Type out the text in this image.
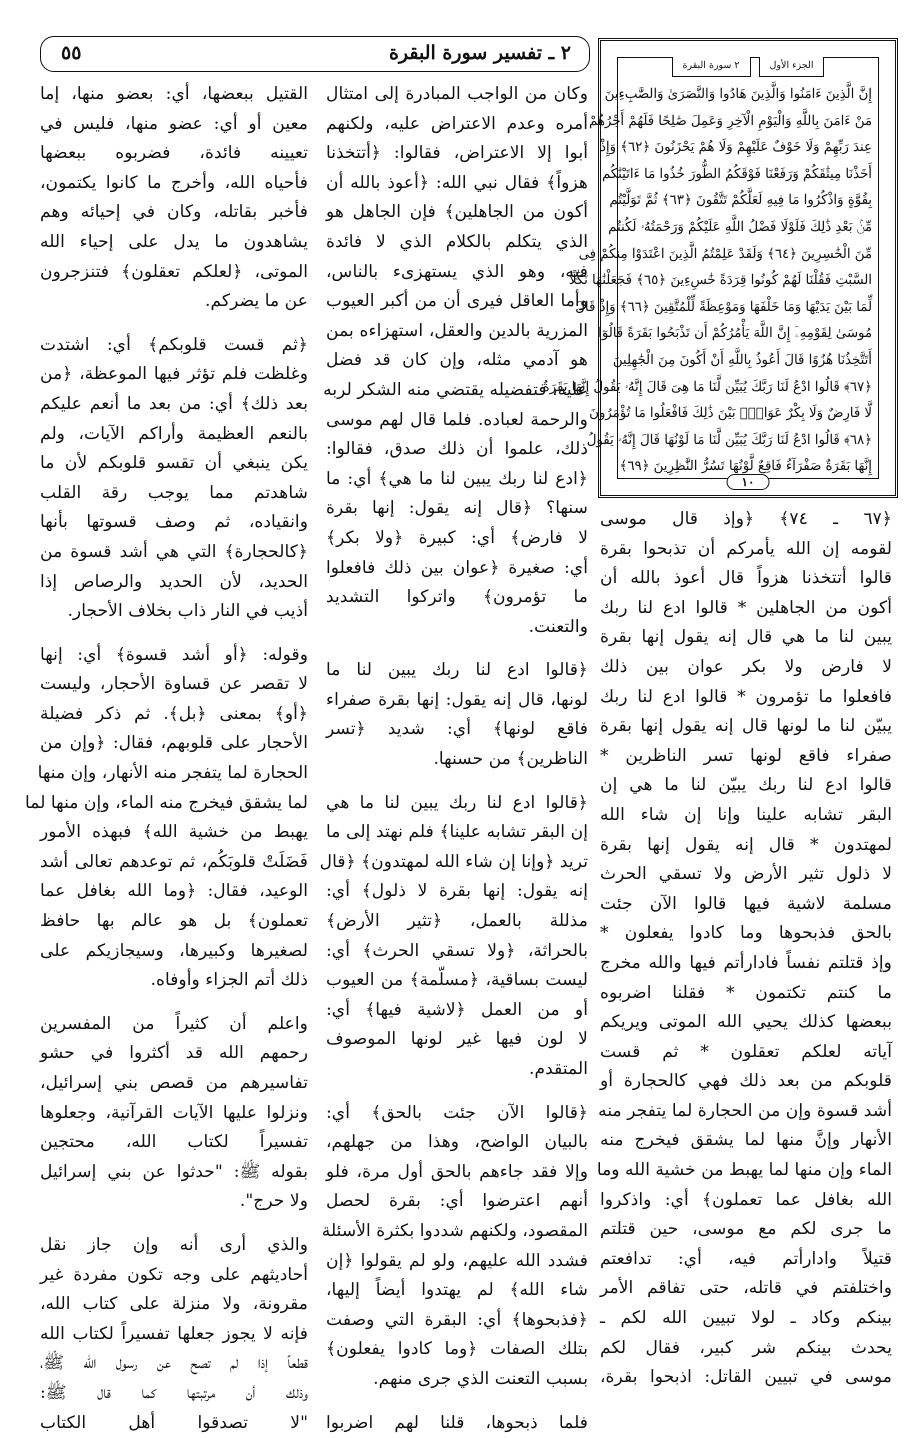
٢ ـ تفسير سورة البقرة
٥٥
الجزء الأول
٢ سورة البقرة
إِنَّ الَّذِينَ ءَامَنُوا وَالَّذِينَ هَادُوا وَالنَّصَرَىٰ وَالصَّٰبِءِينَ
مَنْ ءَامَنَ بِاللَّهِ وَالْيَوْمِ الْآخِرِ وَعَمِلَ صَٰلِحًا فَلَهُمْ أَجْرُهُمْ
عِندَ رَبِّهِمْ وَلَا خَوْفٌ عَلَيْهِمْ وَلَا هُمْ يَحْزَنُونَ ﴿٦٢﴾ وَإِذْ
أَخَذْنَا مِيثَٰقَكُمْ وَرَفَعْنَا فَوْقَكُمُ الطُّورَ خُذُوا مَا ءَاتَيْنَٰكُم
بِقُوَّةٍ وَاذْكُرُوا مَا فِيهِ لَعَلَّكُمْ تَتَّقُونَ ﴿٦٣﴾ ثُمَّ تَوَلَّيْتُم
مِّنۢ بَعْدِ ذَٰلِكَ فَلَوْلَا فَضْلُ اللَّهِ عَلَيْكُمْ وَرَحْمَتُهُۥ لَكُنتُم
مِّنَ الْخَٰسِرِينَ ﴿٦٤﴾ وَلَقَدْ عَلِمْتُمُ الَّذِينَ اعْتَدَوْا مِنكُمْ فِى
السَّبْتِ فَقُلْنَا لَهُمْ كُونُوا قِرَدَةً خَٰسِءِينَ ﴿٦٥﴾ فَجَعَلْنَٰهَا نَكَٰلًا
لِّمَا بَيْنَ يَدَيْهَا وَمَا خَلْفَهَا وَمَوْعِظَةً لِّلْمُتَّقِينَ ﴿٦٦﴾ وَإِذْ قَالَ
مُوسَىٰ لِقَوْمِهِۦٓ إِنَّ اللَّهَ يَأْمُرُكُمْ أَن تَذْبَحُوا بَقَرَةً قَالُوٓا
أَتَتَّخِذُنَا هُزُوًا قَالَ أَعُوذُ بِاللَّهِ أَنْ أَكُونَ مِنَ الْجَٰهِلِينَ
﴿٦٧﴾ قَالُوا ادْعُ لَنَا رَبَّكَ يُبَيِّن لَّنَا مَا هِىَ قَالَ إِنَّهُۥ يَقُولُ إِنَّهَا بَقَرَةٌ
لَّا فَارِضٌ وَلَا بِكْرٌ عَوَانٌۢ بَيْنَ ذَٰلِكَ فَافْعَلُوا مَا تُؤْمَرُونَ
﴿٦٨﴾ قَالُوا ادْعُ لَنَا رَبَّكَ يُبَيِّن لَّنَا مَا لَوْنُهَا قَالَ إِنَّهُۥ يَقُولُ
إِنَّهَا بَقَرَةٌ صَفْرَآءُ فَاقِعٌ لَّوْنُهَا تَسُرُّ النَّٰظِرِينَ ﴿٦٩﴾
١٠
﴿٦٧ ـ ٧٤﴾ ﴿وإذ قال موسى
لقومه إن الله يأمركم أن تذبحوا بقرة
قالوا أتتخذنا هزواً قال أعوذ بالله أن
أكون من الجاهلين * قالوا ادع لنا ربك
يبين لنا ما هي قال إنه يقول إنها بقرة
لا فارض ولا بكر عوان بين ذلك
فافعلوا ما تؤمرون * قالوا ادع لنا ربك
يبيّن لنا ما لونها قال إنه يقول إنها بقرة
صفراء فاقع لونها تسر الناظرين *
قالوا ادع لنا ربك يبيّن لنا ما هي إن
البقر تشابه علينا وإنا إن شاء الله
لمهتدون * قال إنه يقول إنها بقرة
لا ذلول تثير الأرض ولا تسقي الحرث
مسلمة لاشية فيها قالوا الآن جئت
بالحق فذبحوها وما كادوا يفعلون *
وإذ قتلتم نفساً فادارأتم فيها والله مخرج
ما كنتم تكتمون * فقلنا اضربوه
ببعضها كذلك يحيي الله الموتى ويريكم
آياته لعلكم تعقلون * ثم قست
قلوبكم من بعد ذلك فهي كالحجارة أو
أشد قسوة وإن من الحجارة لما يتفجر منه
الأنهار وإنَّ منها لما يشقق فيخرج منه
الماء وإن منها لما يهبط من خشية الله وما
الله بغافل عما تعملون﴾ أي: واذكروا
ما جرى لكم مع موسى، حين قتلتم
قتيلاً وادارأتم فيه، أي: تدافعتم
واختلفتم في قاتله، حتى تفاقم الأمر
بينكم وكاد ـ لولا تبيين الله لكم ـ
يحدث بينكم شر كبير، فقال لكم
موسى في تبيين القاتل: اذبحوا بقرة،
وكان من الواجب المبادرة إلى امتثال
أمره وعدم الاعتراض عليه، ولكنهم
أبوا إلا الاعتراض، فقالوا: ﴿أتتخذنا
هزواً﴾ فقال نبي الله: ﴿أعوذ بالله أن
أكون من الجاهلين﴾ فإن الجاهل هو
الذي يتكلم بالكلام الذي لا فائدة
فيه، وهو الذي يستهزىء بالناس،
وأما العاقل فيرى أن من أكبر العيوب
المزرية بالدين والعقل، استهزاءه بمن
هو آدمي مثله، وإن كان قد فضل
عليه، فتفضيله يقتضي منه الشكر لربه
والرحمة لعباده. فلما قال لهم موسى
ذلك، علموا أن ذلك صدق، فقالوا:
﴿ادع لنا ربك يبين لنا ما هي﴾ أي: ما
سنها؟ ﴿قال إنه يقول: إنها بقرة
لا فارض﴾ أي: كبيرة ﴿ولا بكر﴾
أي: صغيرة ﴿عوان بين ذلك فافعلوا
ما تؤمرون﴾ واتركوا التشديد
والتعنت.
﴿قالوا ادع لنا ربك يبين لنا ما
لونها، قال إنه يقول: إنها بقرة صفراء
فاقع لونها﴾ أي: شديد ﴿تسر
الناظرين﴾ من حسنها.
﴿قالوا ادع لنا ربك يبين لنا ما هي
إن البقر تشابه علينا﴾ فلم نهتد إلى ما
تريد ﴿وإنا إن شاء الله لمهتدون﴾ ﴿قال
إنه يقول: إنها بقرة لا ذلول﴾ أي:
مذللة بالعمل، ﴿تثير الأرض﴾
بالحراثة، ﴿ولا تسقي الحرث﴾ أي:
ليست بساقية، ﴿مسلّمة﴾ من العيوب
أو من العمل ﴿لاشية فيها﴾ أي:
لا لون فيها غير لونها الموصوف
المتقدم.
﴿قالوا الآن جئت بالحق﴾ أي:
بالبيان الواضح، وهذا من جهلهم،
وإلا فقد جاءهم بالحق أول مرة، فلو
أنهم اعترضوا أي: بقرة لحصل
المقصود، ولكنهم شددوا بكثرة الأسئلة
فشدد الله عليهم، ولو لم يقولوا ﴿إن
شاء الله﴾ لم يهتدوا أيضاً إليها،
﴿فذبحوها﴾ أي: البقرة التي وصفت
بتلك الصفات ﴿وما كادوا يفعلون﴾
بسبب التعنت الذي جرى منهم.
فلما ذبحوها، قلنا لهم اضربوا
القتيل ببعضها، أي: بعضو منها، إما
معين أو أي: عضو منها، فليس في
تعيينه فائدة، فضربوه ببعضها
فأحياه الله، وأخرج ما كانوا يكتمون،
فأخبر بقاتله، وكان في إحيائه وهم
يشاهدون ما يدل على إحياء الله
الموتى، ﴿لعلكم تعقلون﴾ فتنزجرون
عن ما يضركم.
﴿ثم قست قلوبكم﴾ أي: اشتدت
وغلظت فلم تؤثر فيها الموعظة، ﴿من
بعد ذلك﴾ أي: من بعد ما أنعم عليكم
بالنعم العظيمة وأراكم الآيات، ولم
يكن ينبغي أن تقسو قلوبكم لأن ما
شاهدتم مما يوجب رقة القلب
وانقياده، ثم وصف قسوتها بأنها
﴿كالحجارة﴾ التي هي أشد قسوة من
الحديد، لأن الحديد والرصاص إذا
أذيب في النار ذاب بخلاف الأحجار.
وقوله: ﴿أو أشد قسوة﴾ أي: إنها
لا تقصر عن قساوة الأحجار، وليست
﴿أو﴾ بمعنى ﴿بل﴾. ثم ذكر فضيلة
الأحجار على قلوبهم، فقال: ﴿وإن من
الحجارة لما يتفجر منه الأنهار، وإن منها
لما يشقق فيخرج منه الماء، وإن منها لما
يهبط من خشية الله﴾ فبهذه الأمور
فَضَلَتْ قلوبَكُم، ثم توعدهم تعالى أشد
الوعيد، فقال: ﴿وما الله بغافل عما
تعملون﴾ بل هو عالم بها حافظ
لصغيرها وكبيرها، وسيجازيكم على
ذلك أتم الجزاء وأوفاه.
واعلم أن كثيراً من المفسرين
رحمهم الله قد أكثروا في حشو
تفاسيرهم من قصص بني إسرائيل،
ونزلوا عليها الآيات القرآنية، وجعلوها
تفسيراً لكتاب الله، محتجين
بقوله ﷺ: "حدثوا عن بني إسرائيل
ولا حرج".
والذي أرى أنه وإن جاز نقل
أحاديثهم على وجه تكون مفردة غير
مقرونة، ولا منزلة على كتاب الله،
فإنه لا يجوز جعلها تفسيراً لكتاب الله
قطعاً إذا لم تصح عن رسول الله ﷺ،
وذلك أن مرتبتها كما قال ﷺ:
"لا تصدقوا أهل الكتاب
